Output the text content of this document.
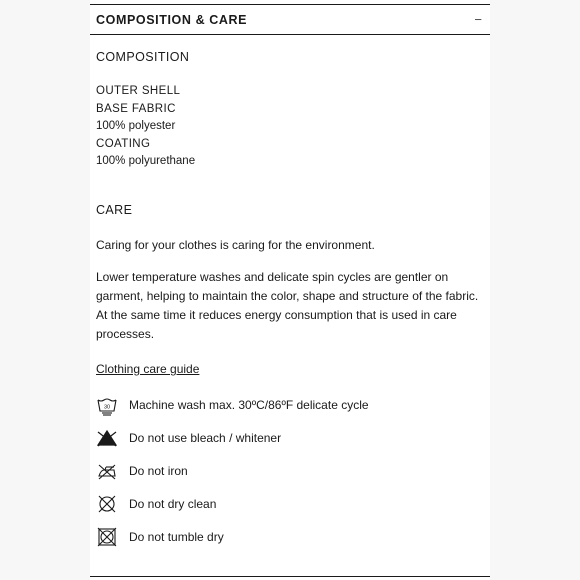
COMPOSITION & CARE	−

COMPOSITION

OUTER SHELL
BASE FABRIC
100% polyester
COATING
100% polyurethane

CARE

Caring for your clothes is caring for the environment.

Lower temperature washes and delicate spin cycles are gentler on garment, helping to maintain the color, shape and structure of the fabric. At the same time it reduces energy consumption that is used in care processes.

Clothing care guide
30 Machine wash max. 30ºC/86ºF delicate cycle
Do not use bleach / whitener
Do not iron
Do not dry clean
Do not tumble dry
